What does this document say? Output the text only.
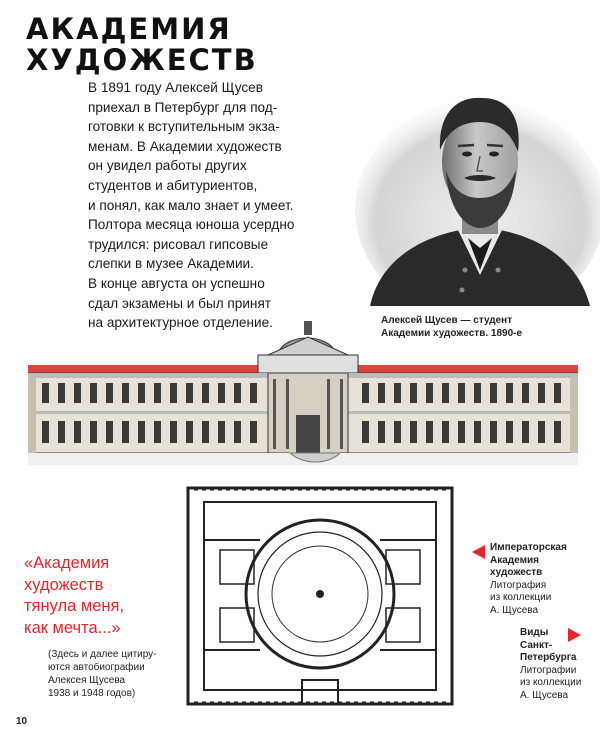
АКАДЕМИЯ
ХУДОЖЕСТВ

В 1891 году Алексей Щусев
приехал в Петербург для под-
готовки к вступительным экза-
менам. В Академии художеств
он увидел работы других
студентов и абитуриентов,
и понял, как мало знает и умеет.
Полтора месяца юноша усердно
трудился: рисовал гипсовые
слепки в музее Академии.
В конце августа он успешно
сдал экзамены и был принят
на архитектурное отделение.	Алексей Щусев — студент
Академии художеств. 1890-е
«Академия
художеств
тянула меня,
как мечта...»
(Здесь и далее цитиру-
ются автобиографии
Алексея Щусева
1938 и 1948 годов)
Императорская
Академия
художеств
Литография
из коллекции
А. Щусева
Виды
Санкт-
Петербурга
Литографии
из коллекции
А. Щусева
10
